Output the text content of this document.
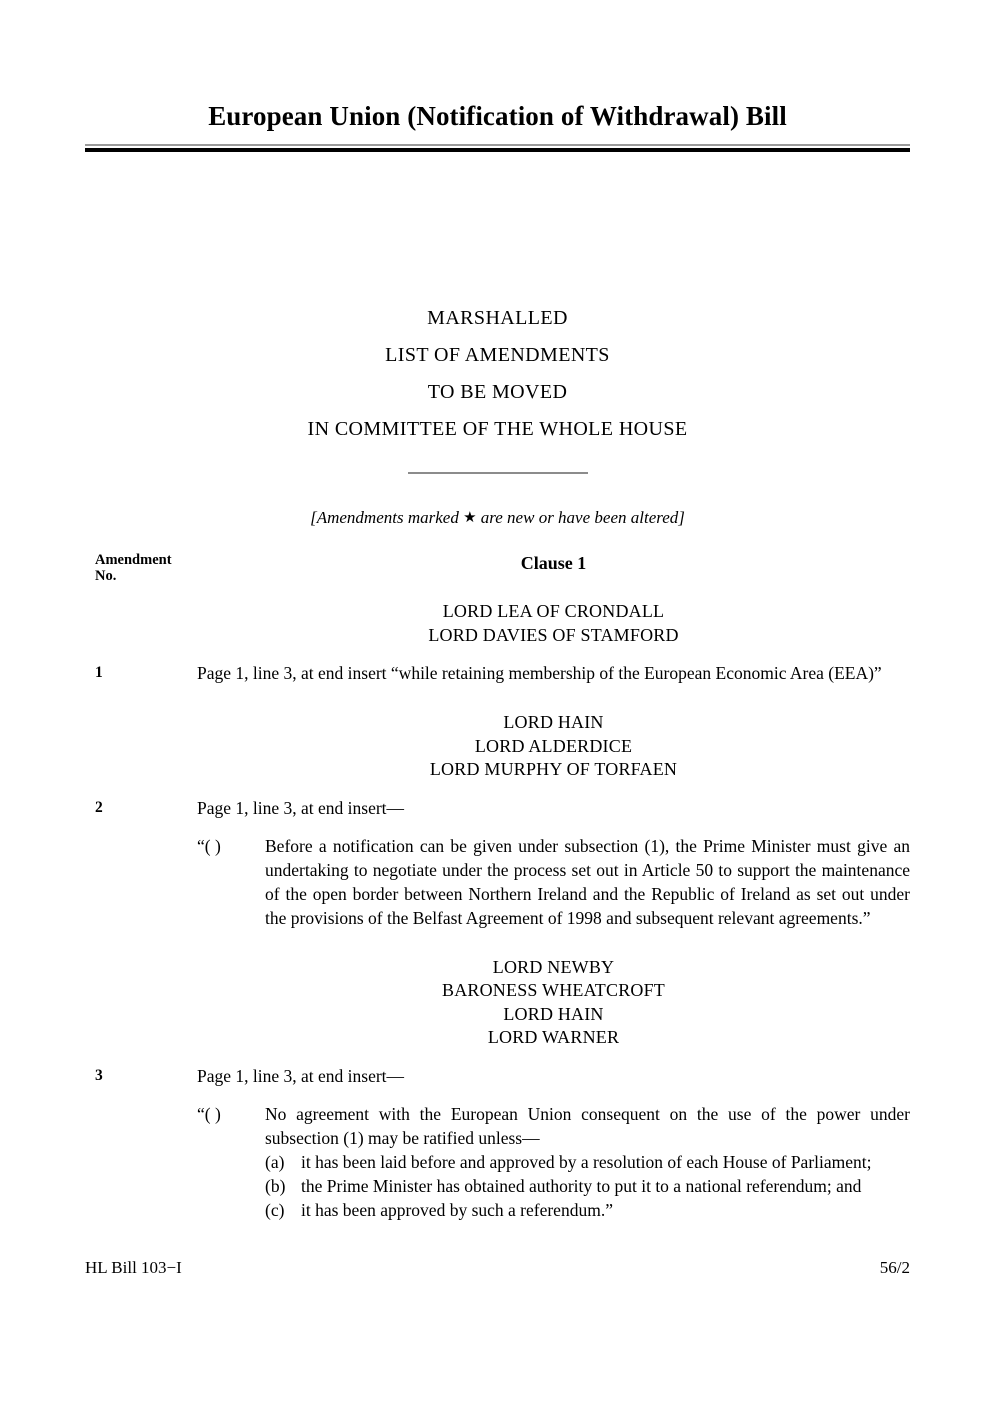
European Union (Notification of Withdrawal) Bill
MARSHALLED
LIST OF AMENDMENTS
TO BE MOVED
IN COMMITTEE OF THE WHOLE HOUSE
[Amendments marked ★ are new or have been altered]
Amendment
No.
Clause 1
LORD LEA OF CRONDALL
LORD DAVIES OF STAMFORD
1	Page 1, line 3, at end insert “while retaining membership of the European Economic Area (EEA)”

LORD HAIN
LORD ALDERDICE
LORD MURPHY OF TORFAEN
2	Page 1, line 3, at end insert—

“( )	Before a notification can be given under subsection (1), the Prime Minister must give an undertaking to negotiate under the process set out in Article 50 to support the maintenance of the open border between Northern Ireland and the Republic of Ireland as set out under the provisions of the Belfast Agreement of 1998 and subsequent relevant agreements.”
LORD NEWBY
BARONESS WHEATCROFT
LORD HAIN
LORD WARNER
3	Page 1, line 3, at end insert—

“( )	No agreement with the European Union consequent on the use of the power under subsection (1) may be ratified unless—
(a) it has been laid before and approved by a resolution of each House of Parliament;
(b) the Prime Minister has obtained authority to put it to a national referendum; and
(c) it has been approved by such a referendum.”
HL Bill 103−I	56/2
